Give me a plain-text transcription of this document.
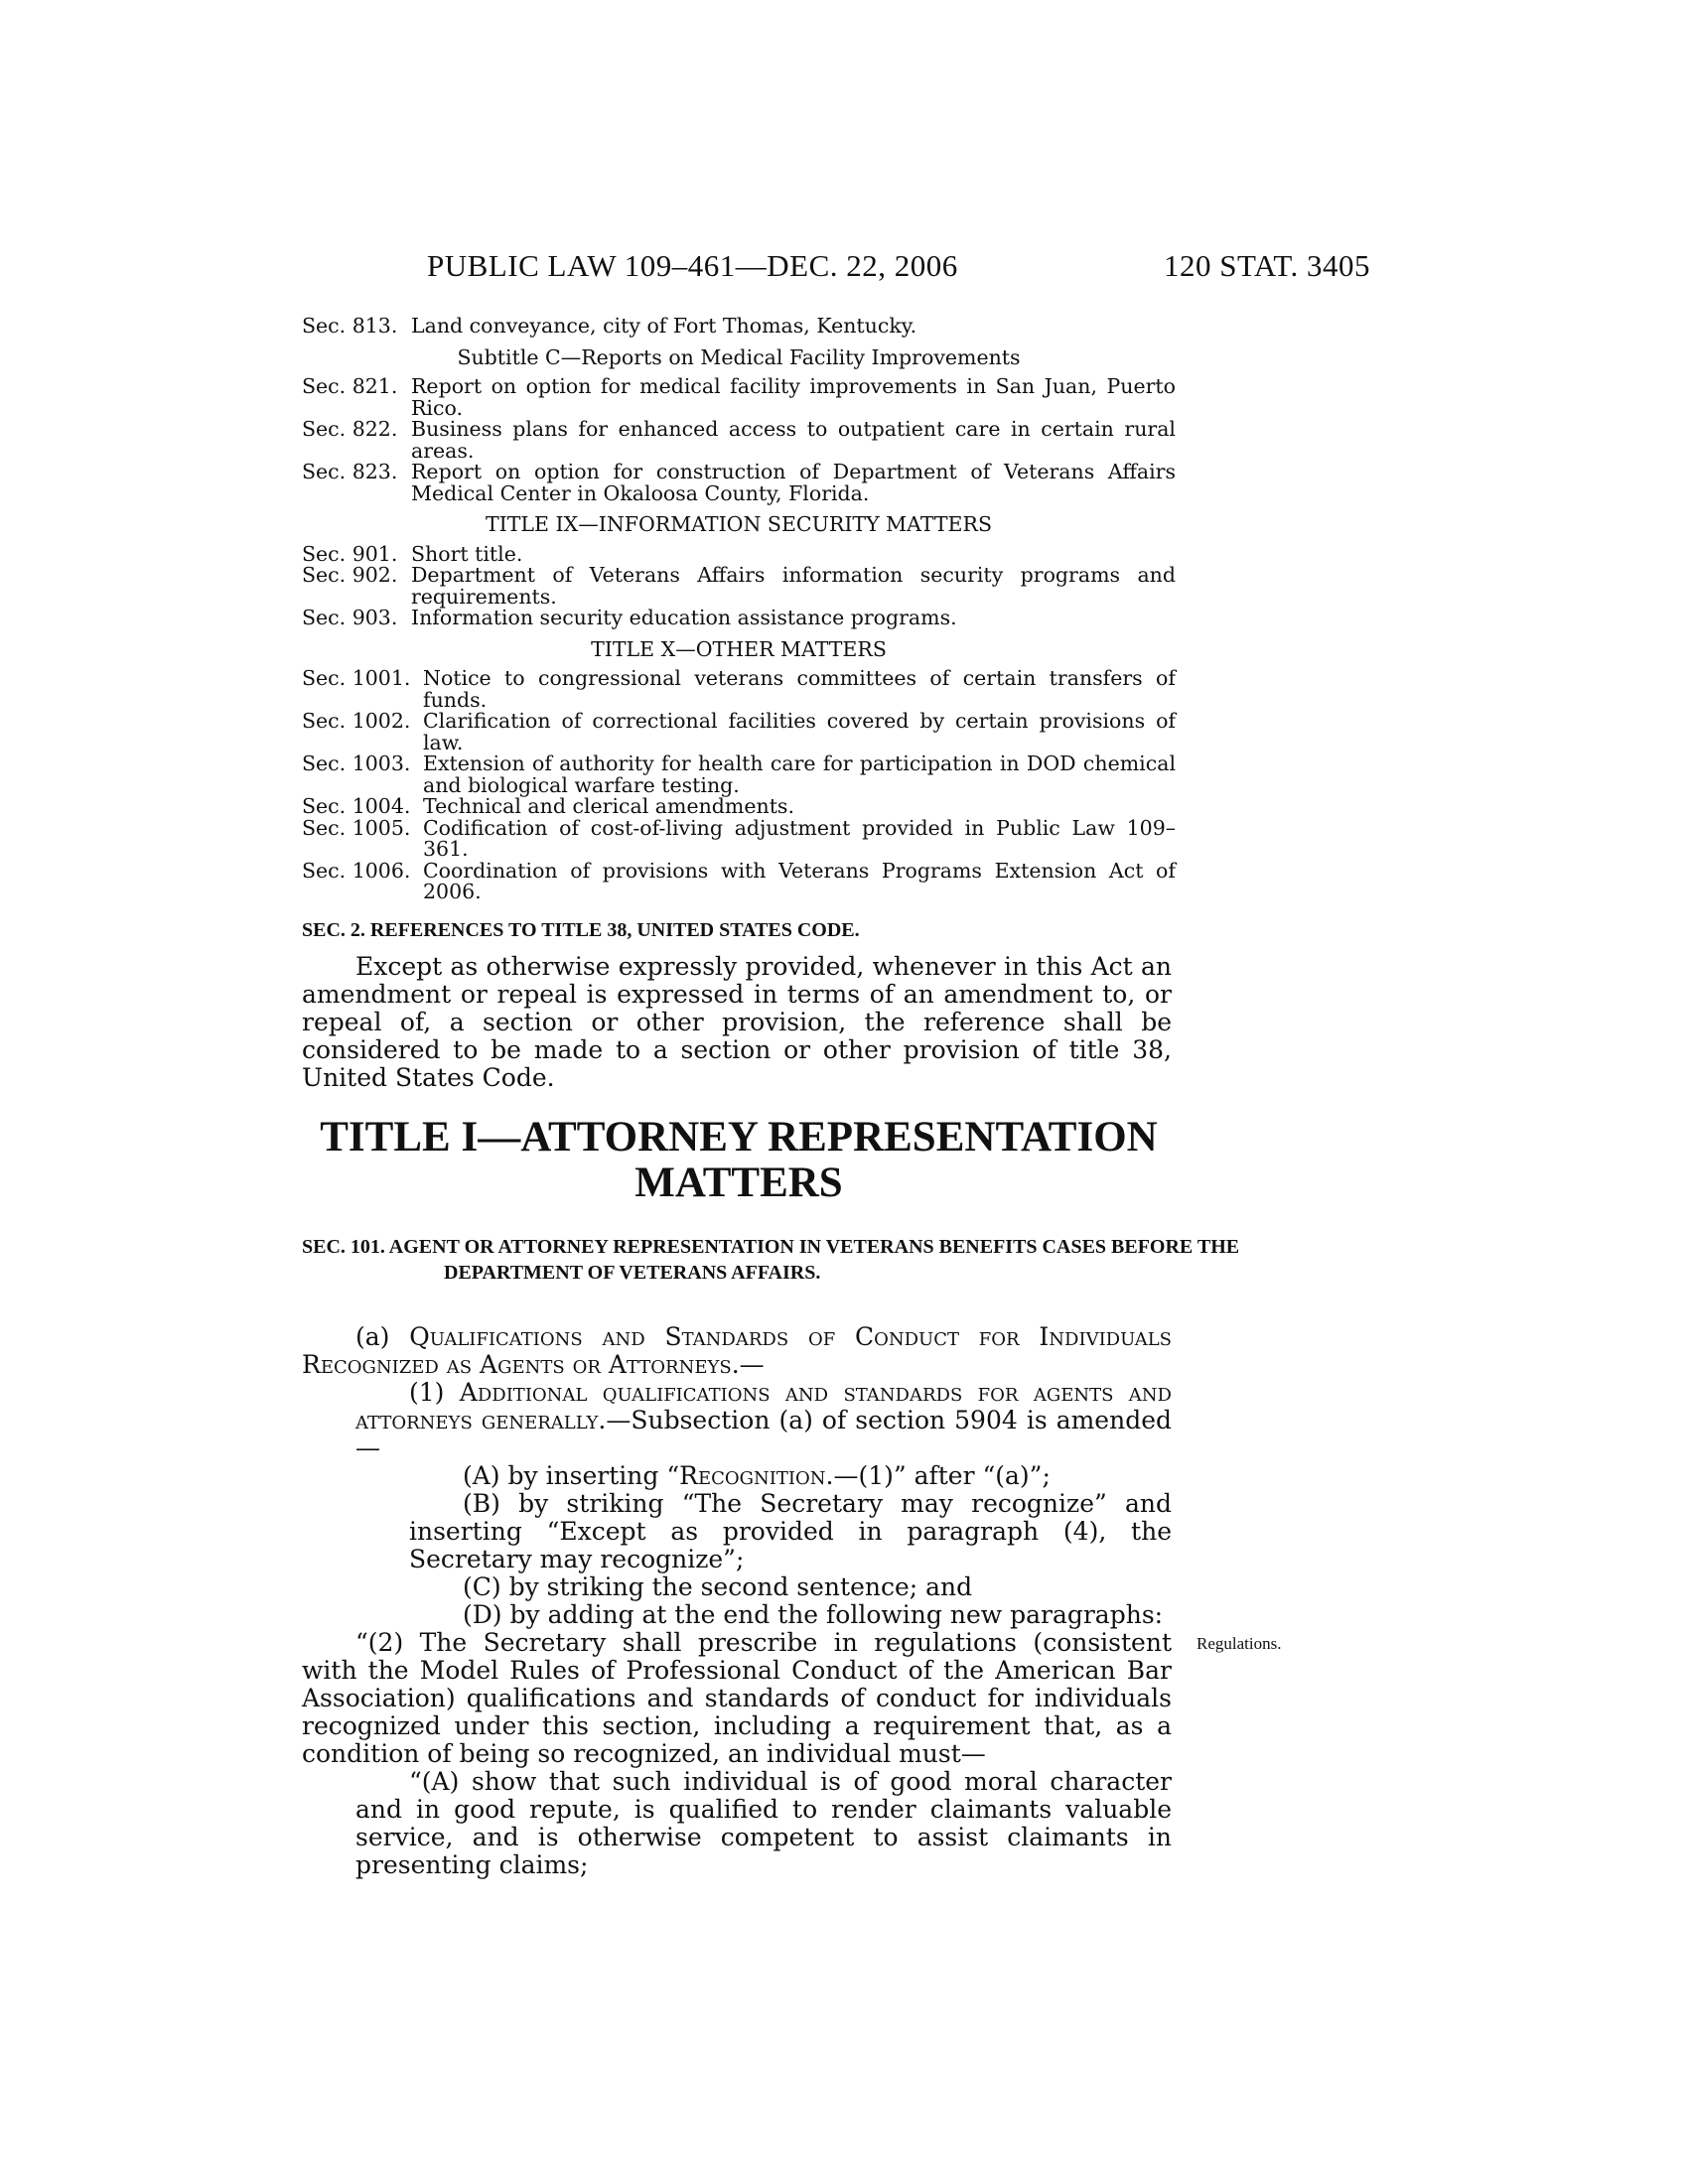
PUBLIC LAW 109–461—DEC. 22, 2006	120 STAT. 3405
Sec. 813. Land conveyance, city of Fort Thomas, Kentucky.
Subtitle C—Reports on Medical Facility Improvements
Sec. 821. Report on option for medical facility improvements in San Juan, Puerto Rico.
Sec. 822. Business plans for enhanced access to outpatient care in certain rural areas.
Sec. 823. Report on option for construction of Department of Veterans Affairs Medical Center in Okaloosa County, Florida.
TITLE IX—INFORMATION SECURITY MATTERS
Sec. 901. Short title.
Sec. 902. Department of Veterans Affairs information security programs and requirements.
Sec. 903. Information security education assistance programs.
TITLE X—OTHER MATTERS
Sec. 1001. Notice to congressional veterans committees of certain transfers of funds.
Sec. 1002. Clarification of correctional facilities covered by certain provisions of law.
Sec. 1003. Extension of authority for health care for participation in DOD chemical and biological warfare testing.
Sec. 1004. Technical and clerical amendments.
Sec. 1005. Codification of cost-of-living adjustment provided in Public Law 109–361.
Sec. 1006. Coordination of provisions with Veterans Programs Extension Act of 2006.
SEC. 2. REFERENCES TO TITLE 38, UNITED STATES CODE.
Except as otherwise expressly provided, whenever in this Act an amendment or repeal is expressed in terms of an amendment to, or repeal of, a section or other provision, the reference shall be considered to be made to a section or other provision of title 38, United States Code.
TITLE I—ATTORNEY REPRESENTATION MATTERS
SEC. 101. AGENT OR ATTORNEY REPRESENTATION IN VETERANS BENEFITS CASES BEFORE THE DEPARTMENT OF VETERANS AFFAIRS.
(a) Qualifications and Standards of Conduct for Individuals Recognized as Agents or Attorneys.—
(1) Additional qualifications and standards for agents and attorneys generally.—Subsection (a) of section 5904 is amended—
(A) by inserting “Recognition.—(1)” after “(a)”;
(B) by striking “The Secretary may recognize” and inserting “Except as provided in paragraph (4), the Secretary may recognize”;
(C) by striking the second sentence; and
(D) by adding at the end the following new paragraphs:
“(2) The Secretary shall prescribe in regulations (consistent with the Model Rules of Professional Conduct of the American Bar Association) qualifications and standards of conduct for individuals recognized under this section, including a requirement that, as a condition of being so recognized, an individual must—
Regulations.
“(A) show that such individual is of good moral character and in good repute, is qualified to render claimants valuable service, and is otherwise competent to assist claimants in presenting claims;
